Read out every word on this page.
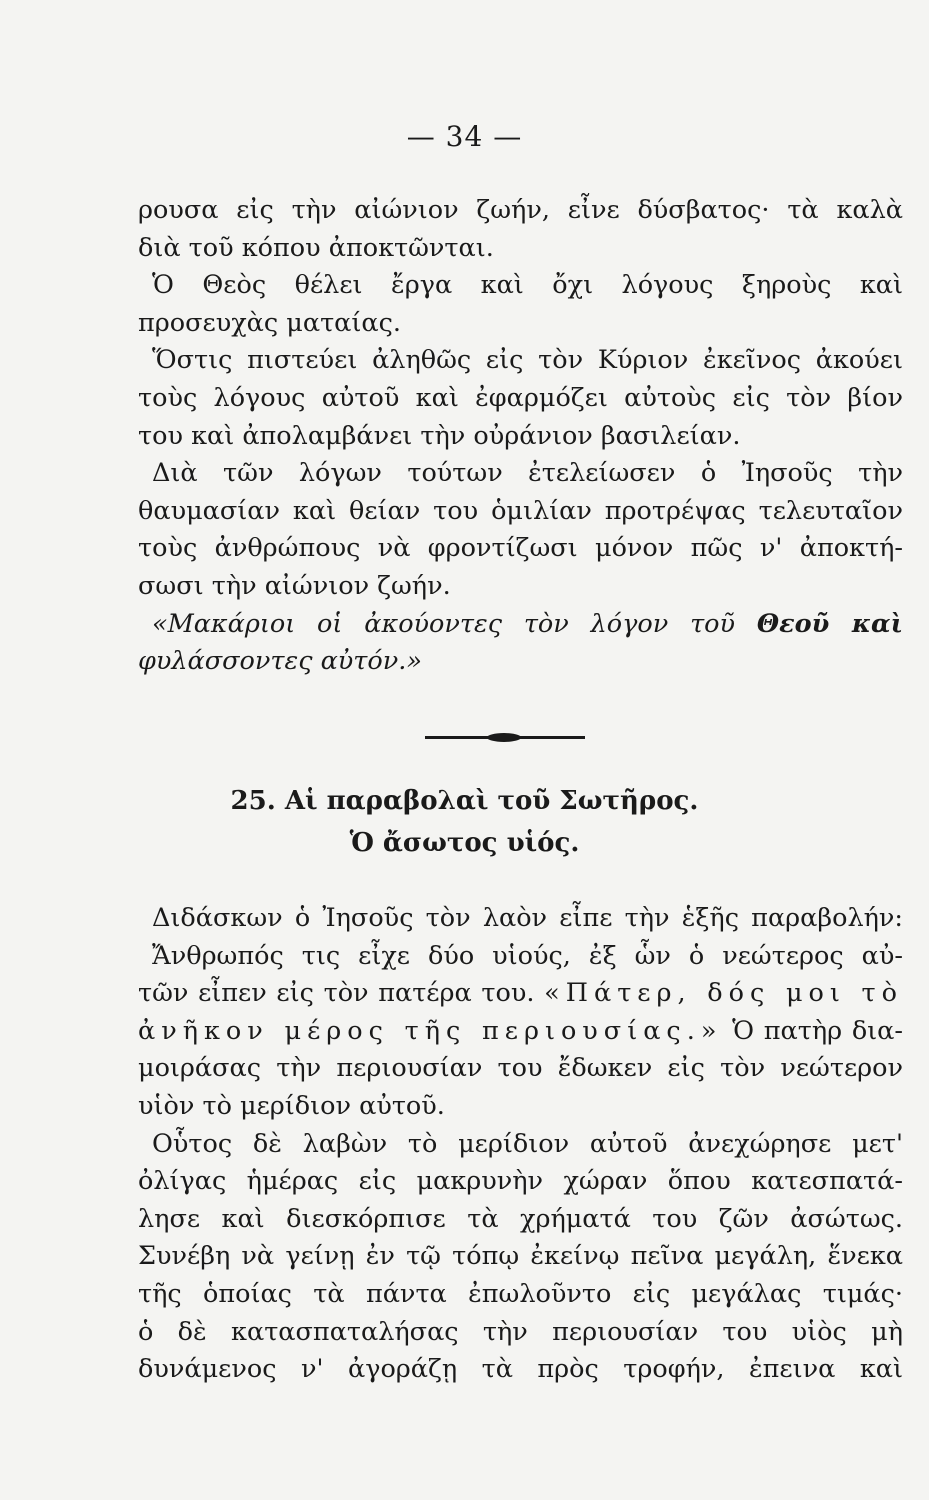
— 34 —

ρουσα εἰς τὴν αἰώνιον ζωήν, εἶνε δύσβατος· τὰ καλὰ

διὰ τοῦ κόπου ἀποκτῶνται.

Ὁ Θεὸς θέλει ἔργα καὶ ὄχι λόγους ξηροὺς καὶ

προσευχὰς ματαίας.

Ὅστις πιστεύει ἀληθῶς εἰς τὸν Κύριον ἐκεῖνος ἀκούει

τοὺς λόγους αὐτοῦ καὶ ἐφαρμόζει αὐτοὺς εἰς τὸν βίον

του καὶ ἀπολαμβάνει τὴν οὐράνιον βασιλείαν.

Διὰ τῶν λόγων τούτων ἐτελείωσεν ὁ Ἰησοῦς τὴν

θαυμασίαν καὶ θείαν του ὁμιλίαν προτρέψας τελευταῖον

τοὺς ἀνθρώπους νὰ φροντίζωσι μόνον πῶς ν' ἀποκτή-

σωσι τὴν αἰώνιον ζωήν.

«Μακάριοι οἱ ἀκούοντες τὸν λόγον τοῦ Θεοῦ καὶ

φυλάσσοντες αὐτόν.»

25. Αἱ παραβολαὶ τοῦ Σωτῆρος.
Ὁ ἄσωτος υἱός.

Διδάσκων ὁ Ἰησοῦς τὸν λαὸν εἶπε τὴν ἑξῆς παραβολήν:

Ἄνθρωπός τις εἶχε δύο υἱούς, ἐξ ὧν ὁ νεώτερος αὐ-

τῶν εἶπεν εἰς τὸν πατέρα του. «Πάτερ, δός μοι τὸ

ἀνῆκον μέρος τῆς περιουσίας.» Ὁ πατὴρ δια-

μοιράσας τὴν περιουσίαν του ἔδωκεν εἰς τὸν νεώτερον

υἱὸν τὸ μερίδιον αὐτοῦ.

Οὗτος δὲ λαβὼν τὸ μερίδιον αὐτοῦ ἀνεχώρησε μετ'

ὀλίγας ἡμέρας εἰς μακρυνὴν χώραν ὅπου κατεσπατά-

λησε καὶ διεσκόρπισε τὰ χρήματά του ζῶν ἀσώτως.

Συνέβη νὰ γείνῃ ἐν τῷ τόπῳ ἐκείνῳ πεῖνα μεγάλη, ἕνεκα

τῆς ὁποίας τὰ πάντα ἐπωλοῦντο εἰς μεγάλας τιμάς·

ὁ δὲ κατασπαταλήσας τὴν περιουσίαν του υἱὸς μὴ

δυνάμενος ν' ἀγοράζῃ τὰ πρὸς τροφήν, ἐπεινα καὶ
